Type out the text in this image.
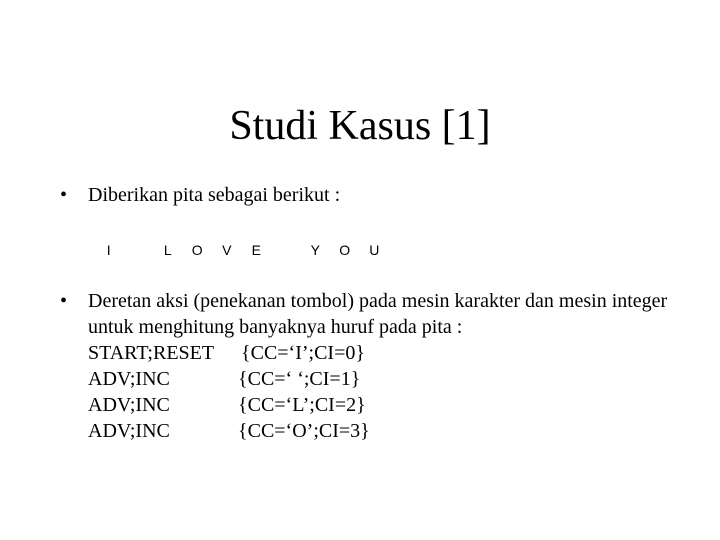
Studi Kasus [1]
•	Diberikan pita sebagai berikut :
I	L	O	V	E	Y	O	U
•	Deretan aksi (penekanan tombol) pada mesin karakter dan mesin integer untuk menghitung banyaknya huruf pada pita :
START;RESET {CC=‘I’;CI=0}
ADV;INC	{CC=‘ ‘;CI=1}
ADV;INC	{CC=‘L’;CI=2}
ADV;INC	{CC=‘O’;CI=3}
